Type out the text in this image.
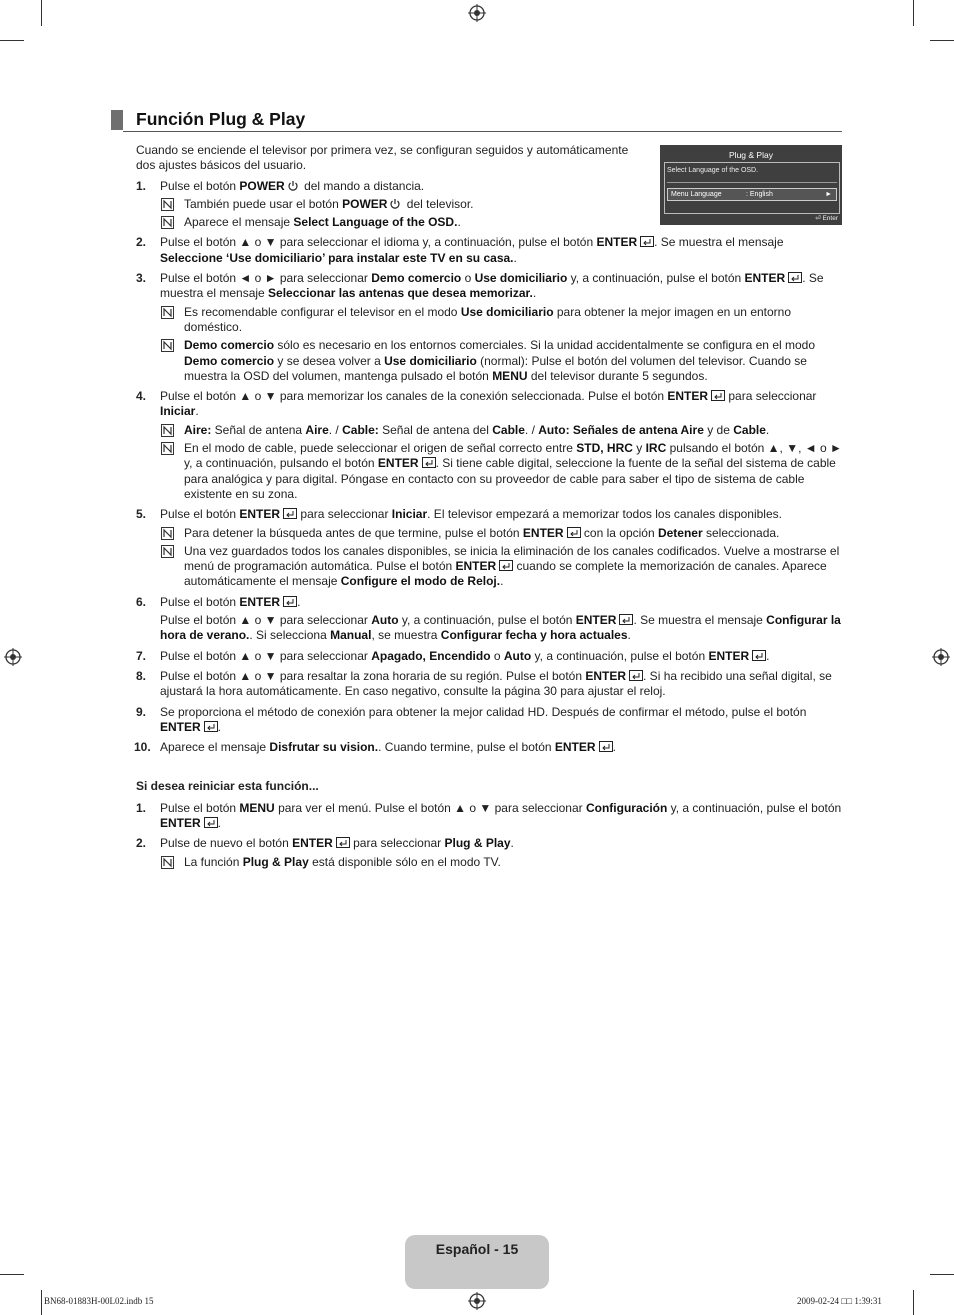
Función Plug & Play
Plug & Play
Select Language of the OSD.
Menu Language	: English	►
⏎ Enter

Cuando se enciende el televisor por primera vez, se configuran seguidos y automáticamente dos ajustes básicos del usuario.

1.	Pulse el botón POWER del mando a distancia.

También puede usar el botón POWER del televisor.

Aparece el mensaje Select Language of the OSD..

2.	Pulse el botón ▲ o ▼ para seleccionar el idioma y, a continuación, pulse el botón ENTER . Se muestra el mensaje Seleccione ‘Use domiciliario’ para instalar este TV en su casa..

3.	Pulse el botón ◄ o ► para seleccionar Demo comercio o Use domiciliario y, a continuación, pulse el botón ENTER . Se muestra el mensaje Seleccionar las antenas que desea memorizar..

Es recomendable configurar el televisor en el modo Use domiciliario para obtener la mejor imagen en un entorno doméstico.

Demo comercio sólo es necesario en los entornos comerciales. Si la unidad accidentalmente se configura en el modo Demo comercio y se desea volver a Use domiciliario (normal): Pulse el botón del volumen del televisor. Cuando se muestra la OSD del volumen, mantenga pulsado el botón MENU del televisor durante 5 segundos.

4.	Pulse el botón ▲ o ▼ para memorizar los canales de la conexión seleccionada. Pulse el botón ENTER para seleccionar Iniciar.

Aire: Señal de antena Aire. / Cable: Señal de antena del Cable. / Auto: Señales de antena Aire y de Cable.

En el modo de cable, puede seleccionar el origen de señal correcto entre STD, HRC y IRC pulsando el botón ▲, ▼, ◄ o ► y, a continuación, pulsando el botón ENTER . Si tiene cable digital, seleccione la fuente de la señal del sistema de cable para analógica y para digital. Póngase en contacto con su proveedor de cable para saber el tipo de sistema de cable existente en su zona.

5.	Pulse el botón ENTER para seleccionar Iniciar. El televisor empezará a memorizar todos los canales disponibles.

Para detener la búsqueda antes de que termine, pulse el botón ENTER con la opción Detener seleccionada.

Una vez guardados todos los canales disponibles, se inicia la eliminación de los canales codificados. Vuelve a mostrarse el menú de programación automática. Pulse el botón ENTER cuando se complete la memorización de canales. Aparece automáticamente el mensaje Configure el modo de Reloj..

6.	Pulse el botón ENTER .

Pulse el botón ▲ o ▼ para seleccionar Auto y, a continuación, pulse el botón ENTER . Se muestra el mensaje Configurar la hora de verano.. Si selecciona Manual, se muestra Configurar fecha y hora actuales.

7.	Pulse el botón ▲ o ▼ para seleccionar Apagado, Encendido o Auto y, a continuación, pulse el botón ENTER .

8.	Pulse el botón ▲ o ▼ para resaltar la zona horaria de su región. Pulse el botón ENTER . Si ha recibido una señal digital, se ajustará la hora automáticamente. En caso negativo, consulte la página 30 para ajustar el reloj.

9.	Se proporciona el método de conexión para obtener la mejor calidad HD. Después de confirmar el método, pulse el botón ENTER .

10. Aparece el mensaje Disfrutar su vision.. Cuando termine, pulse el botón ENTER .

Si desea reiniciar esta función...
1.	Pulse el botón MENU para ver el menú. Pulse el botón ▲ o ▼ para seleccionar Configuración y, a continuación, pulse el botón ENTER .

2.	Pulse de nuevo el botón ENTER para seleccionar Plug & Play.

La función Plug & Play está disponible sólo en el modo TV.

Español - 15
BN68-01883H-00L02.indb 15	2009-02-24 □□ 1:39:31
